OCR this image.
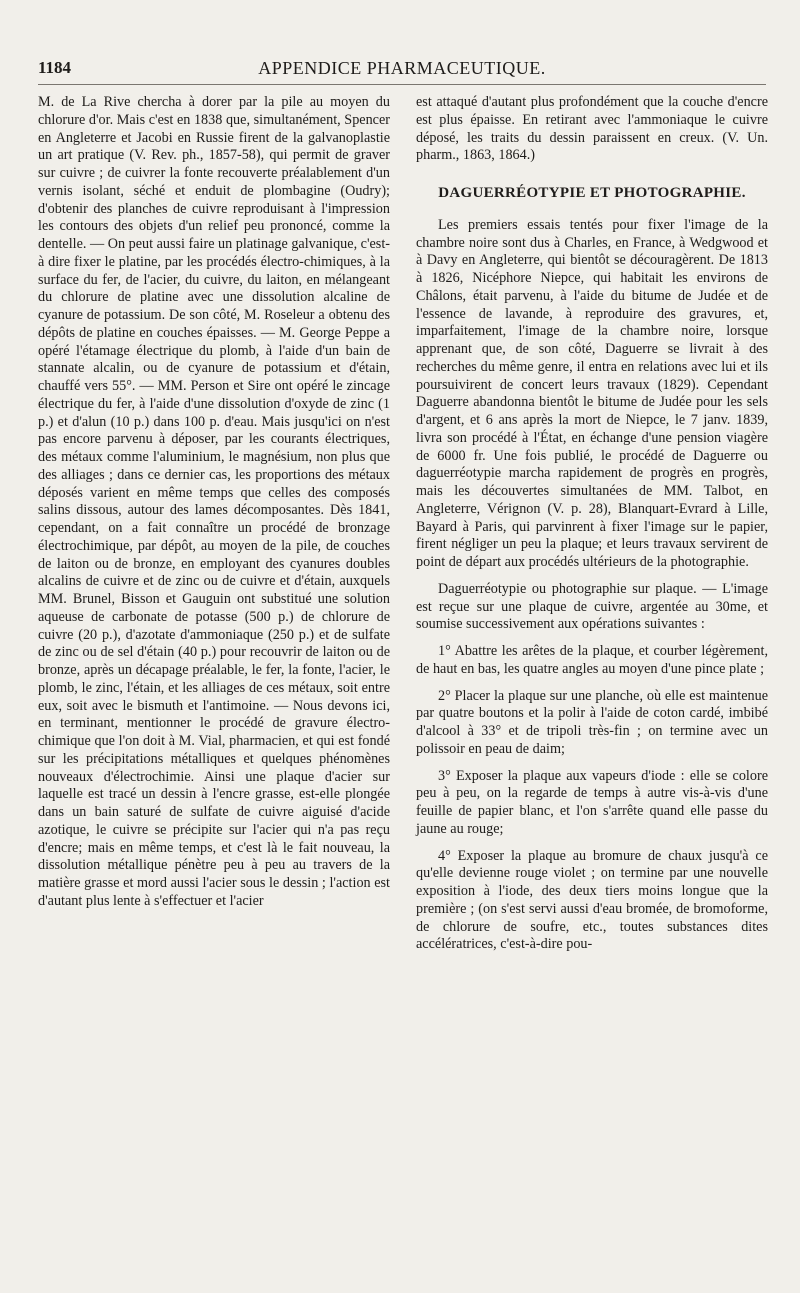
1184	APPENDICE PHARMACEUTIQUE.

M. de La Rive chercha à dorer par la pile au moyen du chlorure d'or. Mais c'est en 1838 que, simultanément, Spencer en Angleterre et Jacobi en Russie firent de la galvanoplastie un art pratique (V. Rev. ph., 1857-58), qui permit de graver sur cuivre ; de cuivrer la fonte recouverte préalablement d'un vernis isolant, séché et enduit de plombagine (Oudry); d'obtenir des planches de cuivre reproduisant à l'impression les contours des objets d'un relief peu prononcé, comme la dentelle. — On peut aussi faire un platinage galvanique, c'est-à dire fixer le platine, par les procédés électro-chimiques, à la surface du fer, de l'acier, du cuivre, du laiton, en mélangeant du chlorure de platine avec une dissolution alcaline de cyanure de potassium. De son côté, M. Roseleur a obtenu des dépôts de platine en couches épaisses. — M. George Peppe a opéré l'étamage électrique du plomb, à l'aide d'un bain de stannate alcalin, ou de cyanure de potassium et d'étain, chauffé vers 55°. — MM. Person et Sire ont opéré le zincage électrique du fer, à l'aide d'une dissolution d'oxyde de zinc (1 p.) et d'alun (10 p.) dans 100 p. d'eau. Mais jusqu'ici on n'est pas encore parvenu à déposer, par les courants électriques, des métaux comme l'aluminium, le magnésium, non plus que des alliages ; dans ce dernier cas, les proportions des métaux déposés varient en même temps que celles des composés salins dissous, autour des lames décomposantes. Dès 1841, cependant, on a fait connaître un procédé de bronzage électrochimique, par dépôt, au moyen de la pile, de couches de laiton ou de bronze, en employant des cyanures doubles alcalins de cuivre et de zinc ou de cuivre et d'étain, auxquels MM. Brunel, Bisson et Gauguin ont substitué une solution aqueuse de carbonate de potasse (500 p.) de chlorure de cuivre (20 p.), d'azotate d'ammoniaque (250 p.) et de sulfate de zinc ou de sel d'étain (40 p.) pour recouvrir de laiton ou de bronze, après un décapage préalable, le fer, la fonte, l'acier, le plomb, le zinc, l'étain, et les alliages de ces métaux, soit entre eux, soit avec le bismuth et l'antimoine. — Nous devons ici, en terminant, mentionner le procédé de gravure électro-chimique que l'on doit à M. Vial, pharmacien, et qui est fondé sur les précipitations métalliques et quelques phénomènes nouveaux d'électrochimie. Ainsi une plaque d'acier sur laquelle est tracé un dessin à l'encre grasse, est-elle plongée dans un bain saturé de sulfate de cuivre aiguisé d'acide azotique, le cuivre se précipite sur l'acier qui n'a pas reçu d'encre; mais en même temps, et c'est là le fait nouveau, la dissolution métallique pénètre peu à peu au travers de la matière grasse et mord aussi l'acier sous le dessin ; l'action est d'autant plus lente à s'effectuer et l'acier

est attaqué d'autant plus profondément que la couche d'encre est plus épaisse. En retirant avec l'ammoniaque le cuivre déposé, les traits du dessin paraissent en creux. (V. Un. pharm., 1863, 1864.)

DAGUERRÉOTYPIE ET PHOTOGRAPHIE.

Les premiers essais tentés pour fixer l'image de la chambre noire sont dus à Charles, en France, à Wedgwood et à Davy en Angleterre, qui bientôt se découragèrent. De 1813 à 1826, Nicéphore Niepce, qui habitait les environs de Châlons, était parvenu, à l'aide du bitume de Judée et de l'essence de lavande, à reproduire des gravures, et, imparfaitement, l'image de la chambre noire, lorsque apprenant que, de son côté, Daguerre se livrait à des recherches du même genre, il entra en relations avec lui et ils poursuivirent de concert leurs travaux (1829). Cependant Daguerre abandonna bientôt le bitume de Judée pour les sels d'argent, et 6 ans après la mort de Niepce, le 7 janv. 1839, livra son procédé à l'État, en échange d'une pension viagère de 6000 fr. Une fois publié, le procédé de Daguerre ou daguerréotypie marcha rapidement de progrès en progrès, mais les découvertes simultanées de MM. Talbot, en Angleterre, Vérignon (V. p. 28), Blanquart-Evrard à Lille, Bayard à Paris, qui parvinrent à fixer l'image sur le papier, firent négliger un peu la plaque; et leurs travaux servirent de point de départ aux procédés ultérieurs de la photographie.

Daguerréotypie ou photographie sur plaque. — L'image est reçue sur une plaque de cuivre, argentée au 30me, et soumise successivement aux opérations suivantes :

1° Abattre les arêtes de la plaque, et courber légèrement, de haut en bas, les quatre angles au moyen d'une pince plate ;

2° Placer la plaque sur une planche, où elle est maintenue par quatre boutons et la polir à l'aide de coton cardé, imbibé d'alcool à 33° et de tripoli très-fin ; on termine avec un polissoir en peau de daim;

3° Exposer la plaque aux vapeurs d'iode : elle se colore peu à peu, on la regarde de temps à autre vis-à-vis d'une feuille de papier blanc, et l'on s'arrête quand elle passe du jaune au rouge;

4° Exposer la plaque au bromure de chaux jusqu'à ce qu'elle devienne rouge violet ; on termine par une nouvelle exposition à l'iode, des deux tiers moins longue que la première ; (on s'est servi aussi d'eau bromée, de bromoforme, de chlorure de soufre, etc., toutes substances dites accélératrices, c'est-à-dire pou-
